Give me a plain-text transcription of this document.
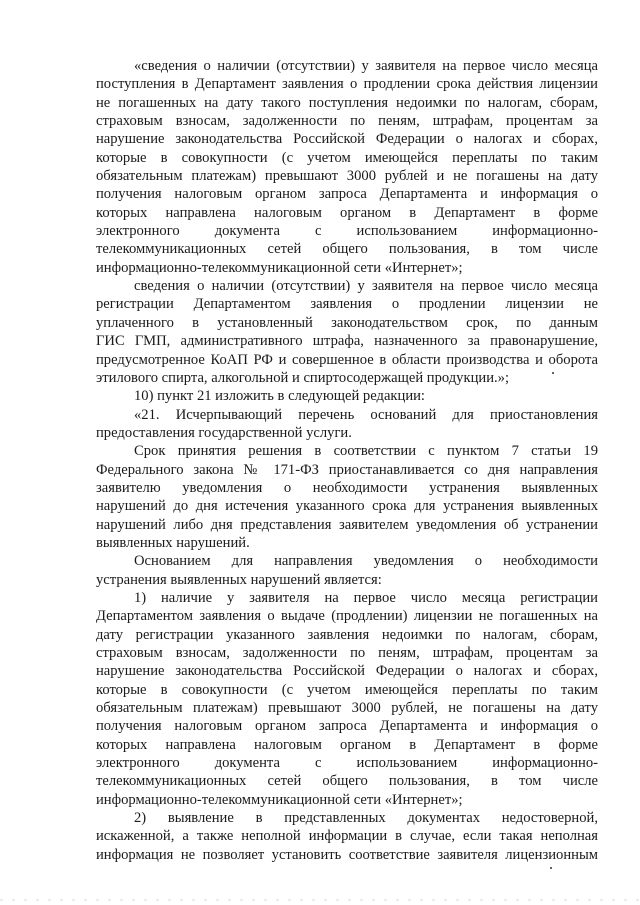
«сведения о наличии (отсутствии) у заявителя на первое число месяца
поступления в Департамент заявления о продлении срока действия лицензии
не погашенных на дату такого поступления недоимки по налогам, сборам,
страховым взносам, задолженности по пеням, штрафам, процентам за
нарушение законодательства Российской Федерации о налогах и сборах,
которые в совокупности (с учетом имеющейся переплаты по таким
обязательным платежам) превышают 3000 рублей и не погашены на дату
получения налоговым органом запроса Департамента и информация о
которых направлена налоговым органом в Департамент в форме
электронного документа с использованием информационно-
телекоммуникационных сетей общего пользования, в том числе
информационно-телекоммуникационной сети «Интернет»;
сведения о наличии (отсутствии) у заявителя на первое число месяца
регистрации Департаментом заявления о продлении лицензии не
уплаченного в установленный законодательством срок, по данным
ГИС ГМП, административного штрафа, назначенного за правонарушение,
предусмотренное КоАП РФ и совершенное в области производства и оборота
этилового спирта, алкогольной и спиртосодержащей продукции.»;
10) пункт 21 изложить в следующей редакции:
«21. Исчерпывающий перечень оснований для приостановления
предоставления государственной услуги.
Срок принятия решения в соответствии с пунктом 7 статьи 19
Федерального закона № 171-ФЗ приостанавливается со дня направления
заявителю уведомления о необходимости устранения выявленных
нарушений до дня истечения указанного срока для устранения выявленных
нарушений либо дня представления заявителем уведомления об устранении
выявленных нарушений.
Основанием для направления уведомления о необходимости
устранения выявленных нарушений является:
1) наличие у заявителя на первое число месяца регистрации
Департаментом заявления о выдаче (продлении) лицензии не погашенных на
дату регистрации указанного заявления недоимки по налогам, сборам,
страховым взносам, задолженности по пеням, штрафам, процентам за
нарушение законодательства Российской Федерации о налогах и сборах,
которые в совокупности (с учетом имеющейся переплаты по таким
обязательным платежам) превышают 3000 рублей, не погашены на дату
получения налоговым органом запроса Департамента и информация о
которых направлена налоговым органом в Департамент в форме
электронного документа с использованием информационно-
телекоммуникационных сетей общего пользования, в том числе
информационно-телекоммуникационной сети «Интернет»;
2) выявление в представленных документах недостоверной,
искаженной, а также неполной информации в случае, если такая неполная
информация не позволяет установить соответствие заявителя лицензионным
